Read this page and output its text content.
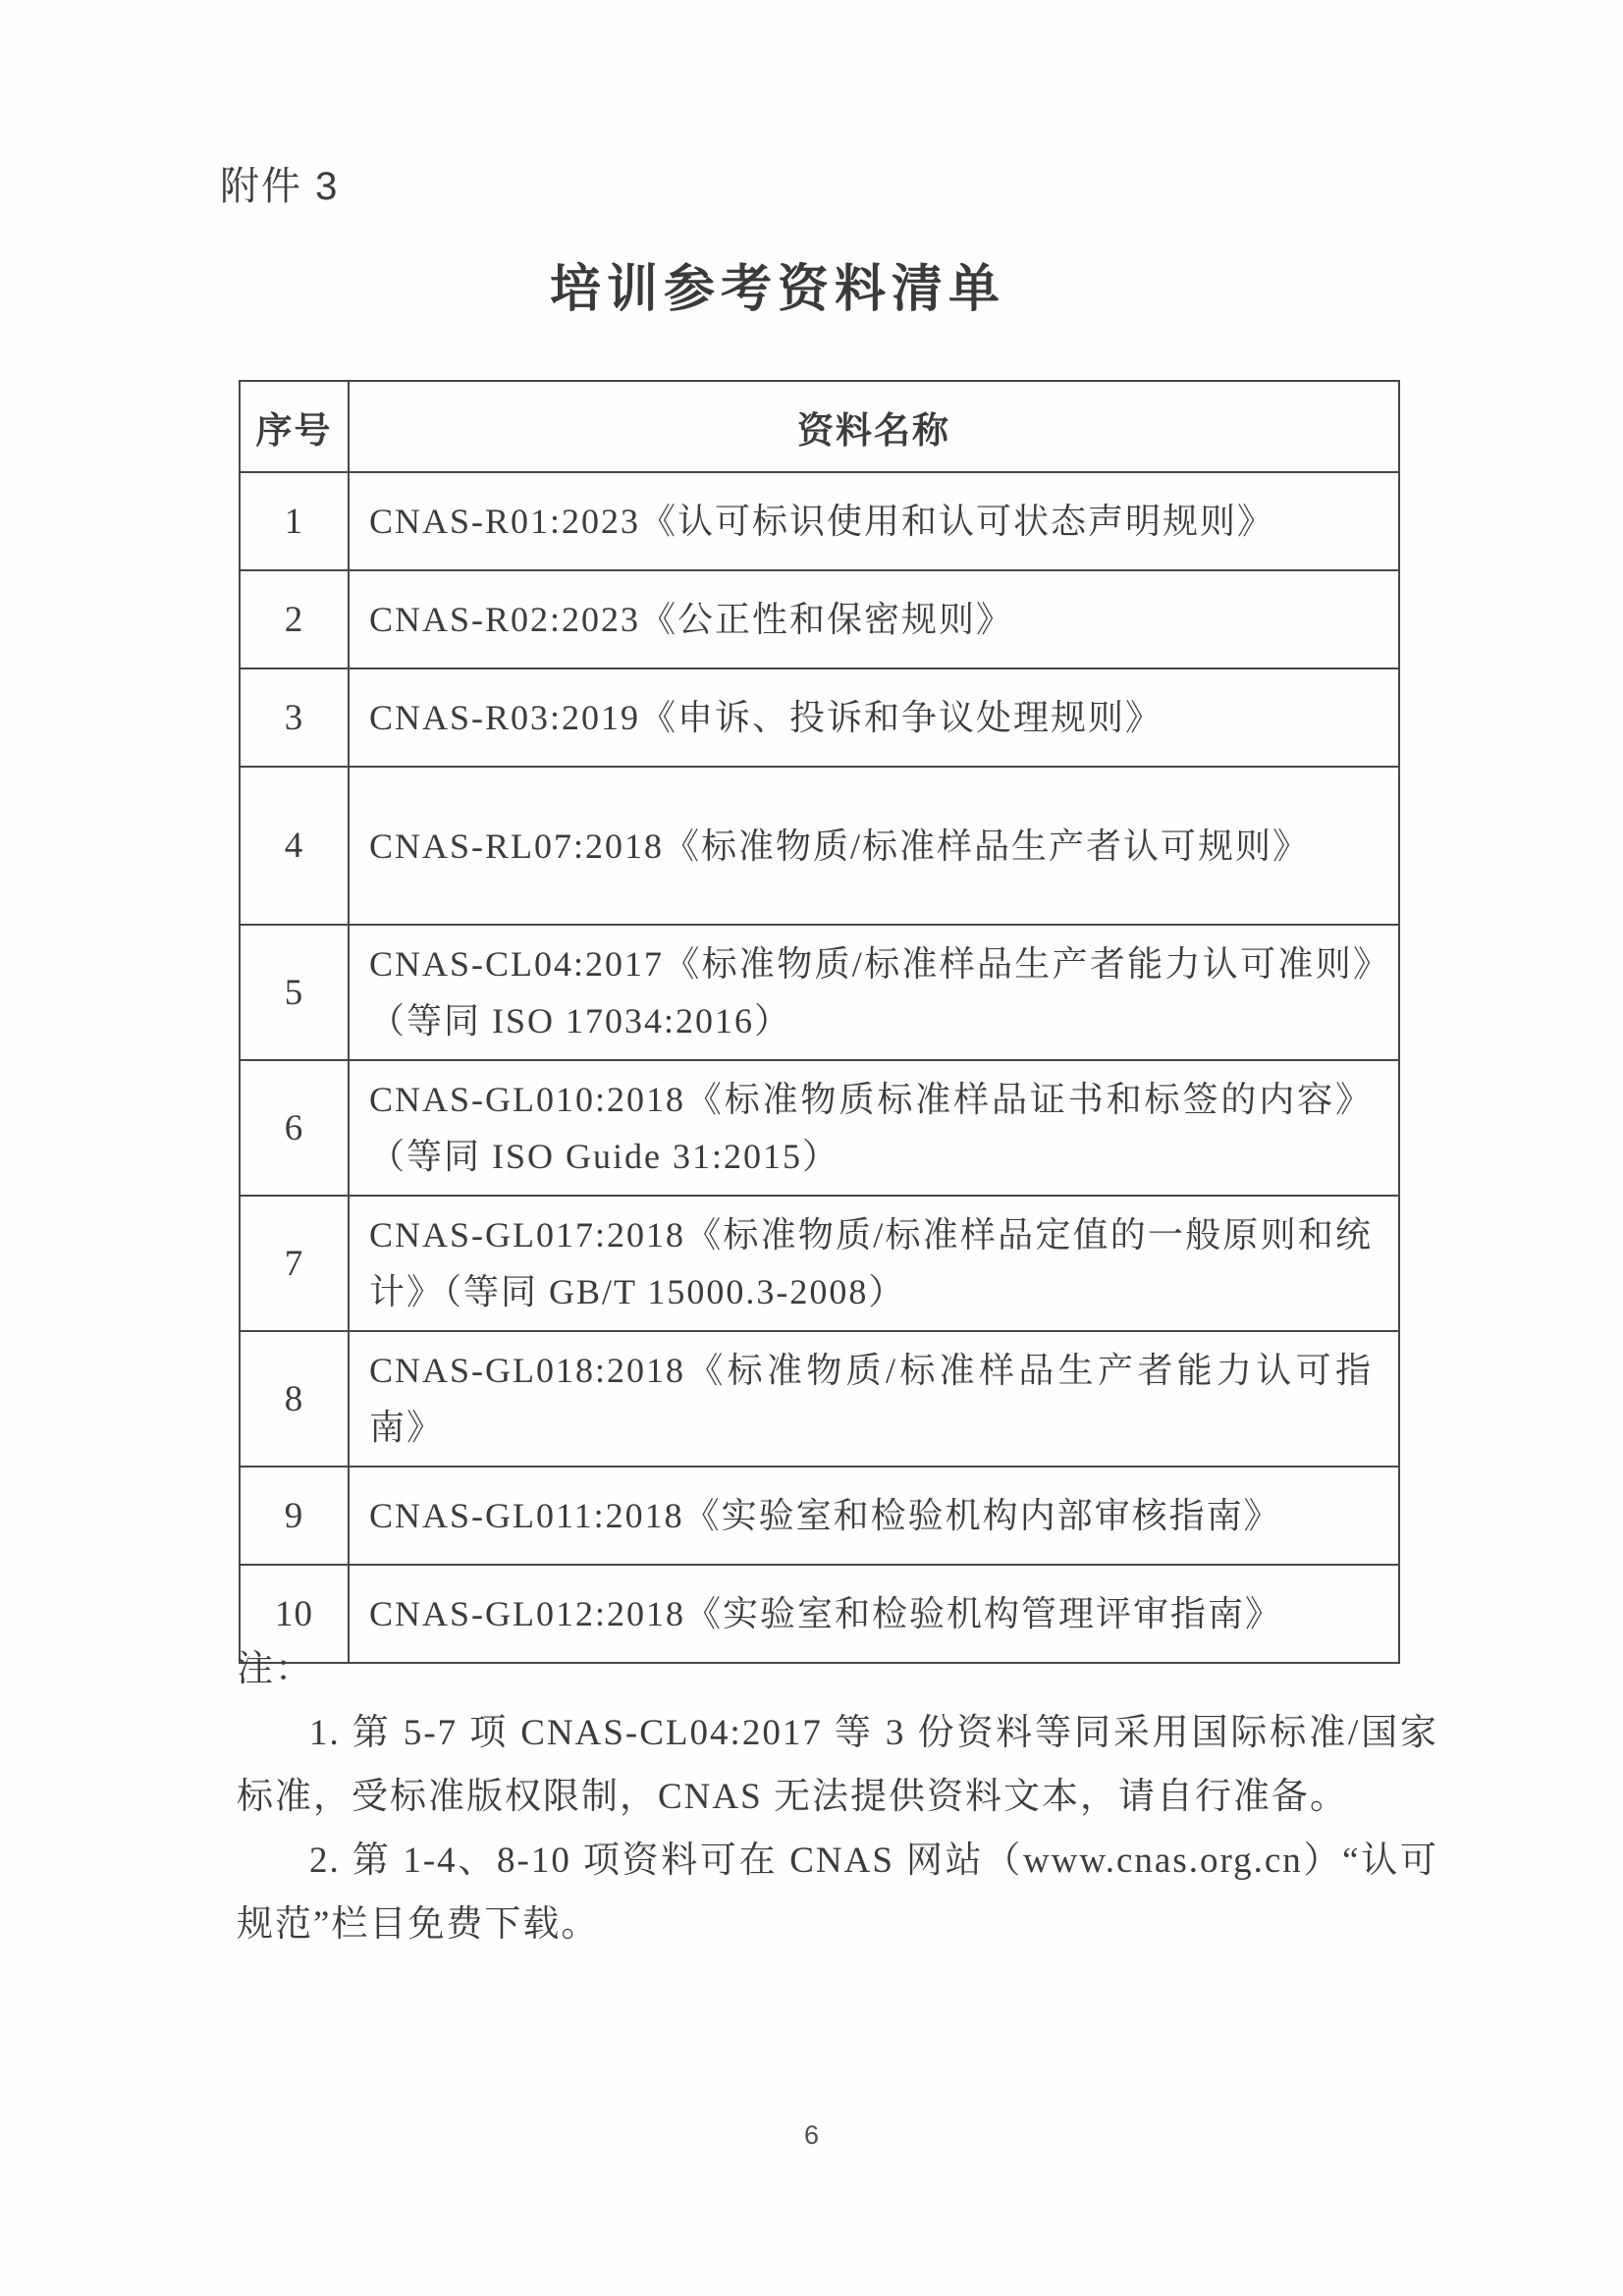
附件 3
培训参考资料清单
序号	资料名称
1	CNAS-R01:2023《认可标识使用和认可状态声明规则》
2	CNAS-R02:2023《公正性和保密规则》
3	CNAS-R03:2019《申诉、投诉和争议处理规则》
4	CNAS-RL07:2018《标准物质/标准样品生产者认可规则》
5	CNAS-CL04:2017《标准物质/标准样品生产者能力认可准则》（等同 ISO 17034:2016）
6	CNAS-GL010:2018《标准物质标准样品证书和标签的内容》（等同 ISO Guide 31:2015）
7	CNAS-GL017:2018《标准物质/标准样品定值的一般原则和统计》（等同 GB/T 15000.3-2008）
8	CNAS-GL018:2018《标准物质/标准样品生产者能力认可指南》
9	CNAS-GL011:2018《实验室和检验机构内部审核指南》
10	CNAS-GL012:2018《实验室和检验机构管理评审指南》
注：

1. 第 5-7 项 CNAS-CL04:2017 等 3 份资料等同采用国际标准/国家标准，受标准版权限制，CNAS 无法提供资料文本，请自行准备。

2. 第 1-4、8-10 项资料可在 CNAS 网站（www.cnas.org.cn）“认可规范”栏目免费下载。

6
